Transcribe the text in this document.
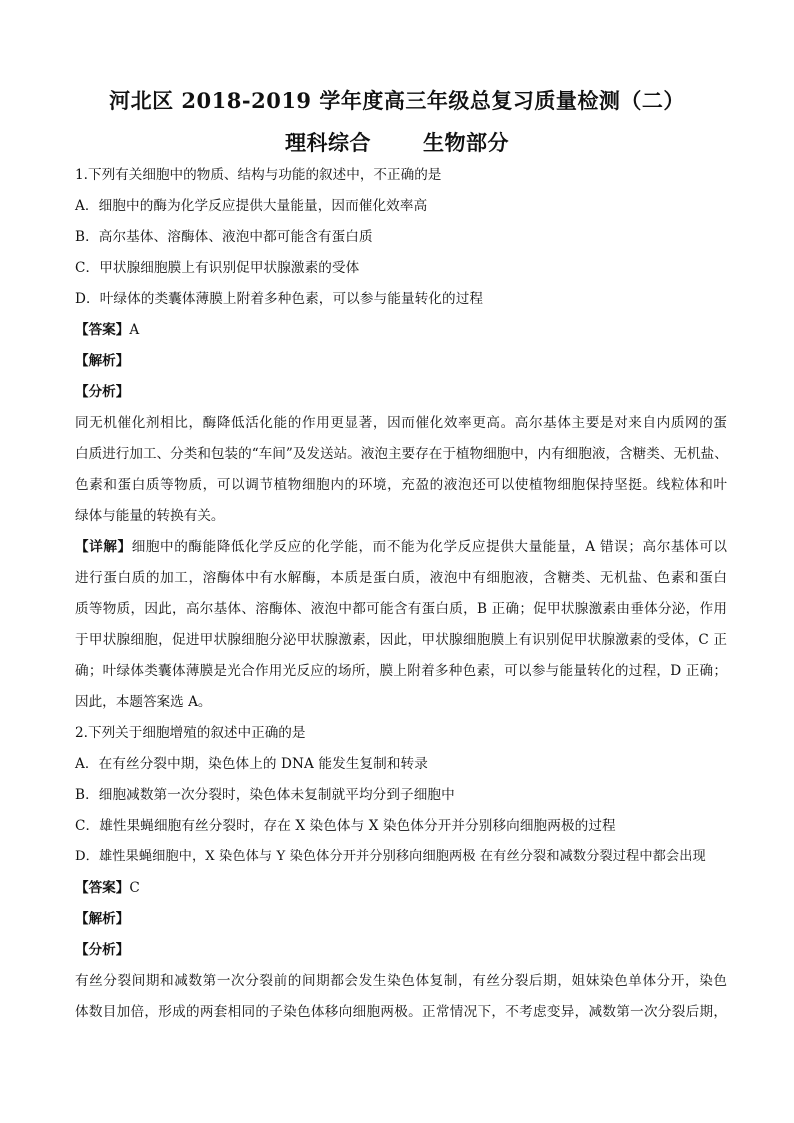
河北区 2018-2019 学年度高三年级总复习质量检测（二）
理科综合 生物部分
1.下列有关细胞中的物质、结构与功能的叙述中，不正确的是
A．细胞中的酶为化学反应提供大量能量，因而催化效率高
B．高尔基体、溶酶体、液泡中都可能含有蛋白质
C．甲状腺细胞膜上有识别促甲状腺激素的受体
D．叶绿体的类囊体薄膜上附着多种色素，可以参与能量转化的过程
【答案】A
【解析】
【分析】
同无机催化剂相比，酶降低活化能的作用更显著，因而催化效率更高。高尔基体主要是对来自内质网的蛋
白质进行加工、分类和包装的“车间”及发送站。液泡主要存在于植物细胞中，内有细胞液，含糖类、无机盐、
色素和蛋白质等物质，可以调节植物细胞内的环境，充盈的液泡还可以使植物细胞保持坚挺。线粒体和叶
绿体与能量的转换有关。
【详解】细胞中的酶能降低化学反应的化学能，而不能为化学反应提供大量能量，A 错误；高尔基体可以
进行蛋白质的加工，溶酶体中有水解酶，本质是蛋白质，液泡中有细胞液，含糖类、无机盐、色素和蛋白
质等物质，因此，高尔基体、溶酶体、液泡中都可能含有蛋白质，B 正确；促甲状腺激素由垂体分泌，作用
于甲状腺细胞，促进甲状腺细胞分泌甲状腺激素，因此，甲状腺细胞膜上有识别促甲状腺激素的受体，C 正
确；叶绿体类囊体薄膜是光合作用光反应的场所，膜上附着多种色素，可以参与能量转化的过程，D 正确；
因此，本题答案选 A。
2.下列关于细胞增殖的叙述中正确的是
A．在有丝分裂中期，染色体上的 DNA 能发生复制和转录
B．细胞减数第一次分裂时，染色体未复制就平均分到子细胞中
C．雄性果蝇细胞有丝分裂时，存在 X 染色体与 X 染色体分开并分别移向细胞两极的过程
D．雄性果蝇细胞中，X 染色体与 Y 染色体分开并分别移向细胞两极 在有丝分裂和减数分裂过程中都会出现
【答案】C
【解析】
【分析】
有丝分裂间期和减数第一次分裂前的间期都会发生染色体复制，有丝分裂后期，姐妹染色单体分开，染色
体数目加倍，形成的两套相同的子染色体移向细胞两极。正常情况下，不考虑变异，减数第一次分裂后期，
